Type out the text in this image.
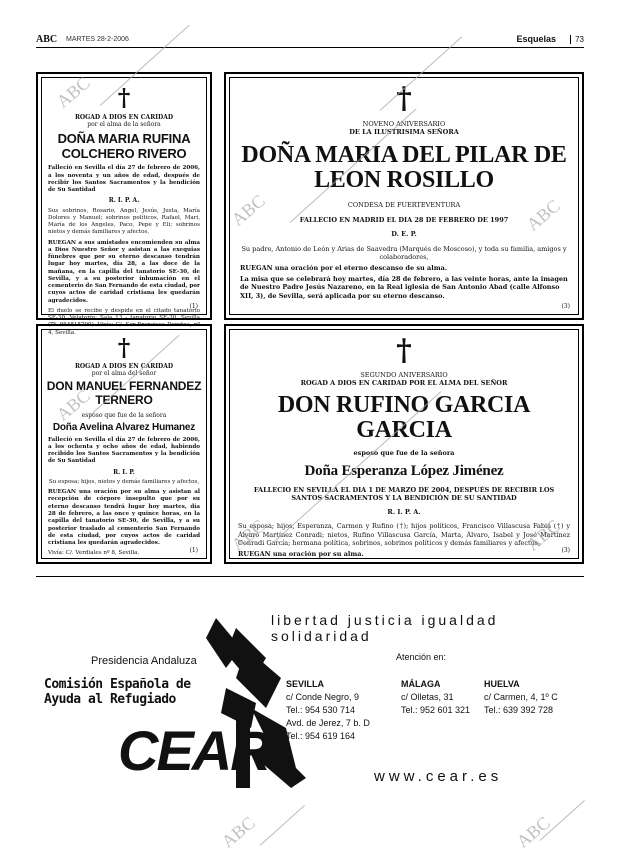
ABC MARTES 28-2-2006	Esquelas	73
†
ROGAD A DIOS EN CARIDAD
por el alma de la señora
DOÑA MARIA RUFINA COLCHERO RIVERO
Falleció en Sevilla el día 27 de febrero de 2006, a los noventa y un años de edad, después de recibir los Santos Sacramentos y la bendición de Su Santidad
R. I. P. A.
Sus sobrinos, Rosario, Angel, Jesús, Justa, María Dolores y Manuel; sobrinos políticos, Rafael, Mari, María de los Angeles, Paco, Pepe y Eli; sobrinos nietos y demás familiares y afectos,
RUEGAN a sus amistades encomienden su alma a Dios Nuestro Señor y asistan a las exequias fúnebres que por su eterno descanso tendrán lugar hoy martes, día 28, a las doce de la mañana, en la capilla del tanatorio SE-30, de Sevilla, y a su posterior inhumación en el cementerio de San Fernando de esta ciudad, por cuyos actos de caridad cristiana les quedarán agradecidos.
El duelo se recibe y despide en el citado tanatorio SE-30. Velatorio: Sala 13 - tanatorio SE-30, Sevilla (Tf. 954815700). Vivía: C/. Sor Francisca Dorotea, nº 4, Sevilla.
(1)
†
NOVENO ANIVERSARIO
DE LA ILUSTRISIMA SEÑORA
DOÑA MARIA DEL PILAR DE LEON ROSILLO
CONDESA DE FUERTEVENTURA
FALLECIO EN MADRID EL DIA 28 DE FEBRERO DE 1997
D. E. P.
Su padre, Antonio de León y Arias de Saavedra (Marqués de Moscoso), y toda su familia, amigos y colaboradores,
RUEGAN una oración por el eterno descanso de su alma.
La misa que se celebrará hoy martes, día 28 de febrero, a las veinte horas, ante la imagen de Nuestro Padre Jesús Nazareno, en la Real iglesia de San Antonio Abad (calle Alfonso XII, 3), de Sevilla, será aplicada por su eterno descanso.
(3)
†
ROGAD A DIOS EN CARIDAD
por el alma del señor
DON MANUEL FERNANDEZ TERNERO
esposo que fue de la señora
Doña Avelina Alvarez Humanez
Falleció en Sevilla el día 27 de febrero de 2006, a los ochenta y ocho años de edad, habiendo recibido los Santos Sacramentos y la bendición de Su Santidad
R. I. P.
Su esposa; hijos, nietos y demás familiares y afectos,
RUEGAN una oración por su alma y asistan al recepción de córpore insepulto que por su eterno descanso tendrá lugar hoy martes, día 28 de febrero, a las once y quince horas, en la capilla del tanatorio SE-30, de Sevilla, y a su posterior traslado al cementerio San Fernando de esta ciudad, por cuyos actos de caridad cristiana les quedarán agradecidos.
Vivía: C/. Verdiales nº 8, Sevilla.	(1)
†
SEGUNDO ANIVERSARIO
ROGAD A DIOS EN CARIDAD POR EL ALMA DEL SEÑOR
DON RUFINO GARCIA GARCIA
esposo que fue de la señora
Doña Esperanza López Jiménez
FALLECIO EN SEVILLA EL DIA 1 DE MARZO DE 2004, DESPUÉS DE RECIBIR LOS SANTOS SACRAMENTOS Y LA BENDICIÓN DE SU SANTIDAD
R. I. P. A.
Su esposa; hijos, Esperanza, Carmen y Rufino (†); hijos políticos, Francisco Villascusa Fabiá (†) y Álvaro Martínez Conradi; nietos, Rufino Villascusa García, Marta, Álvaro, Isabel y José Martínez Conradi García; hermana política, sobrinos, sobrinos políticos y demás familiares y afectos,
RUEGAN una oración por su alma.	(3)
ABC
ABC	ABC
ABC
ABC	ABC
ABC	ABC
libertad justicia igualdad solidaridad
Presidencia Andaluza
Comisión Española de
Ayuda al Refugiado
CEAR
Atención en:
SEVILLA
c/ Conde Negro, 9
Tel.: 954 530 714
Avd. de Jerez, 7 b. D
Tel.: 954 619 164
MÁLAGA
c/ Olletas, 31
Tel.: 952 601 321
HUELVA
c/ Carmen, 4, 1º C
Tel.: 639 392 728
www.cear.es
